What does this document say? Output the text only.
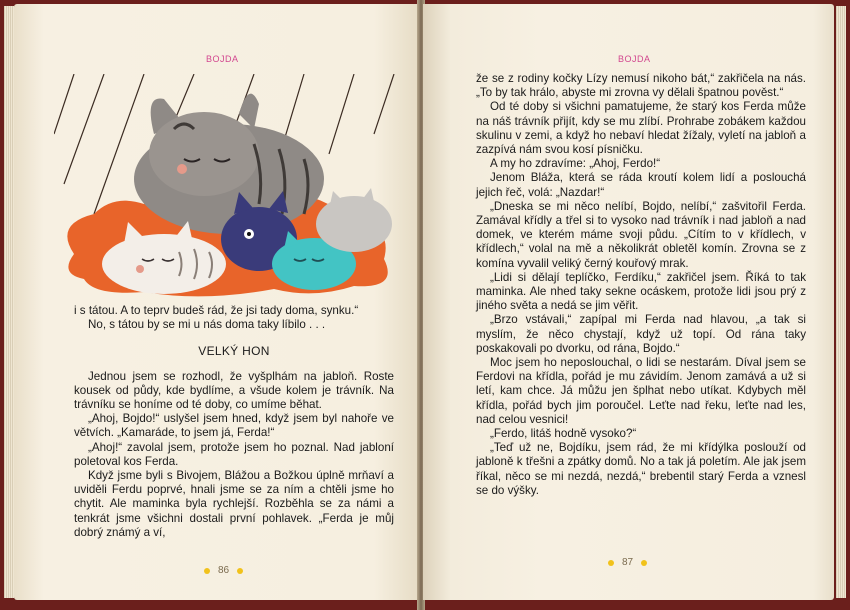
BOJDA

i s tátou. A to teprv budeš rád, že jsi tady doma, synku.“

No, s tátou by se mi u nás doma taky líbilo . . .

VELKÝ HON

Jednou jsem se rozhodl, že vyšplhám na jabloň. Roste kousek od půdy, kde bydlíme, a všude kolem je trávník. Na trávníku se honíme od té doby, co umíme běhat.

„Ahoj, Bojdo!“ uslyšel jsem hned, když jsem byl nahoře ve větvích. „Kamaráde, to jsem já, Ferda!“

„Ahoj!“ zavolal jsem, protože jsem ho poznal. Nad jabloní poletoval kos Ferda.

Když jsme byli s Bivojem, Blážou a Božkou úplně mrňaví a uviděli Ferdu poprvé, hnali jsme se za ním a chtěli jsme ho chytit. Ale maminka byla rychlejší. Rozběhla se za námi a tenkrát jsme všichni dostali první pohlavek. „Ferda je můj dobrý známý a ví,

86
BOJDA

že se z rodiny kočky Lízy nemusí nikoho bát,“ zakřičela na nás. „To by tak hrálo, abyste mi zrovna vy dělali špatnou pověst.“

Od té doby si všichni pamatujeme, že starý kos Ferda může na náš trávník přijít, kdy se mu zlíbí. Prohrabe zobákem každou skulinu v zemi, a když ho nebaví hledat žížaly, vyletí na jabloň a zazpívá nám svou kosí písničku.

A my ho zdravíme: „Ahoj, Ferdo!“

Jenom Bláža, která se ráda kroutí kolem lidí a poslouchá jejich řeč, volá: „Nazdar!“

„Dneska se mi něco nelíbí, Bojdo, nelíbí,“ zašvitořil Ferda. Zamával křídly a třel si to vysoko nad trávník i nad jabloň a nad domek, ve kterém máme svoji půdu. „Cítím to v křídlech, v křídlech,“ volal na mě a několikrát obletěl komín. Zrovna se z komína vyvalil veliký černý kouřový mrak.

„Lidi si dělají teplíčko, Ferdíku,“ zakřičel jsem. Říká to tak maminka. Ale nhed taky sekne ocáskem, protože lidi jsou prý z jiného světa a nedá se jim věřit.

„Brzo vstávali,“ zapípal mi Ferda nad hlavou, „a tak si myslím, že něco chystají, když už topí. Od rána taky poskakovali po dvorku, od rána, Bojdo.“

Moc jsem ho neposlouchal, o lidi se nestarám. Díval jsem se Ferdovi na křídla, pořád je mu závidím. Jenom zamává a už si letí, kam chce. Já můžu jen šplhat nebo utíkat. Kdybych měl křídla, pořád bych jim poroučel. Leťte nad řeku, leťte nad les, nad celou vesnici!

„Ferdo, litáš hodně vysoko?“

„Teď už ne, Bojdíku, jsem rád, že mi křídýlka poslouží od jabloně k třešni a zpátky domů. No a tak já poletím. Ale jak jsem říkal, něco se mi nezdá, nezdá,“ brebentil starý Ferda a vznesl se do výšky.

87
